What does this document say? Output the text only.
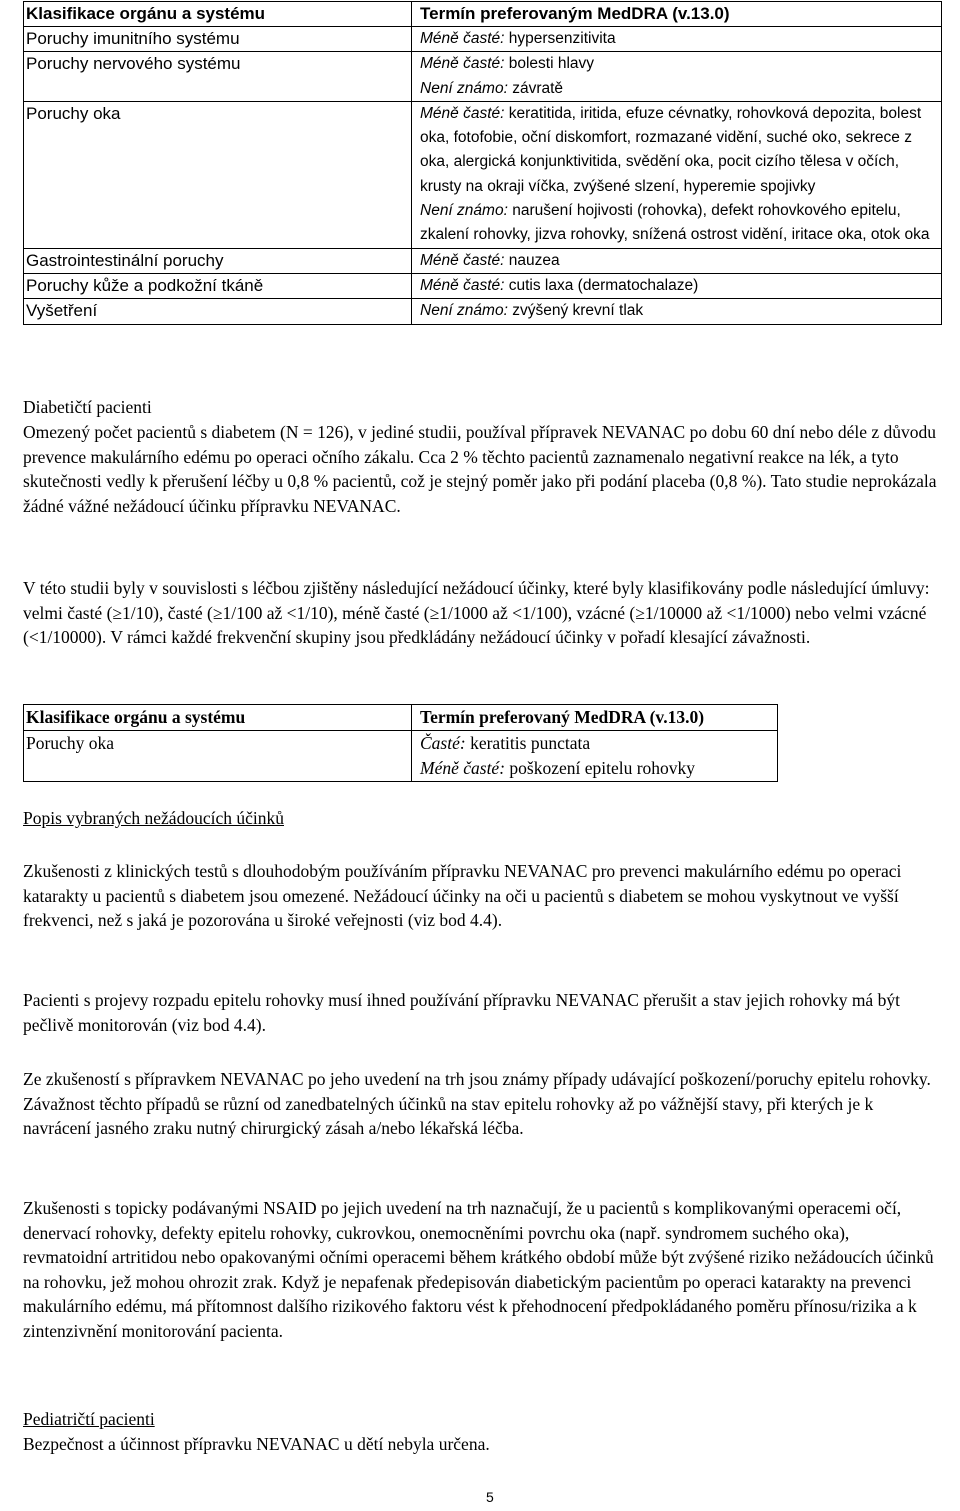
Klasifikace orgánu a systému	Termín preferovaným MedDRA (v.13.0)
Poruchy imunitního systému	Méně časté: hypersenzitivita

Poruchy nervového systému	Méně časté: bolesti hlavy
Není známo: závratě

Poruchy oka	Méně časté: keratitida, iritida, efuze cévnatky, rohovková depozita, bolest oka, fotofobie, oční diskomfort, rozmazané vidění, suché oko, sekrece z oka, alergická konjunktivitida, svědění oka, pocit cizího tělesa v očích, krusty na okraji víčka, zvýšené slzení, hyperemie spojivky
Není známo: narušení hojivosti (rohovka), defekt rohovkového epitelu, zkalení rohovky, jizva rohovky, snížená ostrost vidění, iritace oka, otok oka

Gastrointestinální poruchy	Méně časté: nauzea

Poruchy kůže a podkožní tkáně	Méně časté: cutis laxa (dermatochalaze)

Vyšetření	Není známo: zvýšený krevní tlak
Diabetičtí pacienti
Omezený počet pacientů s diabetem (N = 126), v jediné studii, používal přípravek NEVANAC po dobu 60 dní nebo déle z důvodu prevence makulárního edému po operaci očního zákalu. Cca 2 % těchto pacientů zaznamenalo negativní reakce na lék, a tyto skutečnosti vedly k přerušení léčby u 0,8 % pacientů, což je stejný poměr jako při podání placeba (0,8 %). Tato studie neprokázala žádné vážné nežádoucí účinku přípravku NEVANAC.
V této studii byly v souvislosti s léčbou zjištěny následující nežádoucí účinky, které byly klasifikovány podle následující úmluvy: velmi časté (≥1/10), časté (≥1/100 až <1/10), méně časté (≥1/1000 až <1/100), vzácné (≥1/10000 až <1/1000) nebo velmi vzácné (<1/10000). V rámci každé frekvenční skupiny jsou předkládány nežádoucí účinky v pořadí klesající závažnosti.
Klasifikace orgánu a systému	Termín preferovaný MedDRA (v.13.0)
Poruchy oka	Časté: keratitis punctata
Méně časté: poškození epitelu rohovky
Popis vybraných nežádoucích účinků
Zkušenosti z klinických testů s dlouhodobým používáním přípravku NEVANAC pro prevenci makulárního edému po operaci katarakty u pacientů s diabetem jsou omezené. Nežádoucí účinky na oči u pacientů s diabetem se mohou vyskytnout ve vyšší frekvenci, než s jaká je pozorována u široké veřejnosti (viz bod 4.4).
Pacienti s projevy rozpadu epitelu rohovky musí ihned používání přípravku NEVANAC přerušit a stav jejich rohovky má být pečlivě monitorován (viz bod 4.4).
Ze zkušeností s přípravkem NEVANAC po jeho uvedení na trh jsou známy případy udávající poškození/poruchy epitelu rohovky. Závažnost těchto případů se různí od zanedbatelných účinků na stav epitelu rohovky až po vážnější stavy, při kterých je k navrácení jasného zraku nutný chirurgický zásah a/nebo lékařská léčba.
Zkušenosti s topicky podávanými NSAID po jejich uvedení na trh naznačují, že u pacientů s komplikovanými operacemi očí, denervací rohovky, defekty epitelu rohovky, cukrovkou, onemocněními povrchu oka (např. syndromem suchého oka), revmatoidní artritidou nebo opakovanými očními operacemi během krátkého období může být zvýšené riziko nežádoucích účinků na rohovku, jež mohou ohrozit zrak. Když je nepafenak předepisován diabetickým pacientům po operaci katarakty na prevenci makulárního edému, má přítomnost dalšího rizikového faktoru vést k přehodnocení předpokládaného poměru přínosu/rizika a k zintenzivnění monitorování pacienta.
Pediatričtí pacienti
Bezpečnost a účinnost přípravku NEVANAC u dětí nebyla určena.
5
